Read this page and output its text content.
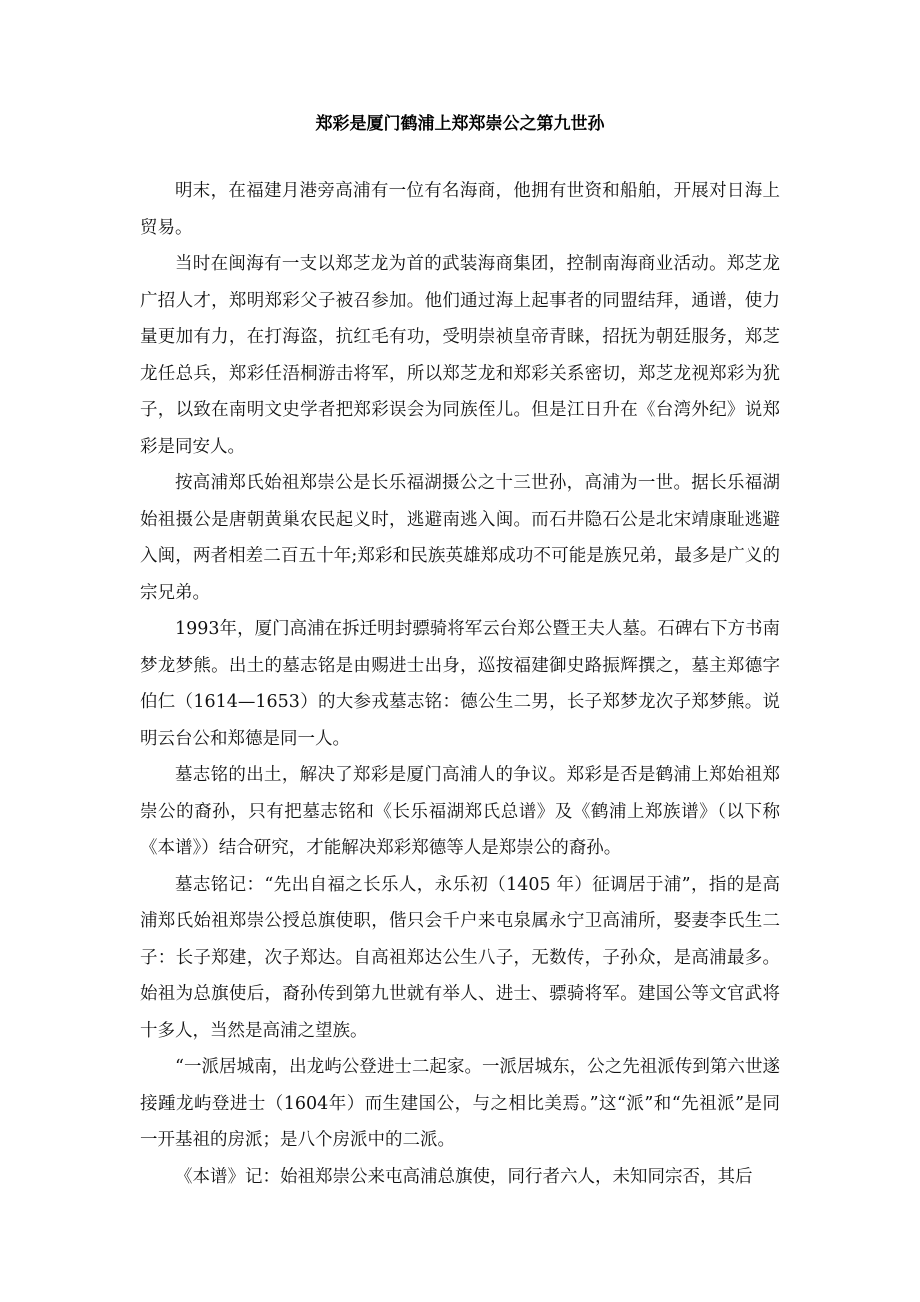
郑彩是厦门鹤浦上郑郑崇公之第九世孙

明末，在福建月港旁高浦有一位有名海商，他拥有世资和船舶，开展对日海上贸易。

当时在闽海有一支以郑芝龙为首的武装海商集团，控制南海商业活动。郑芝龙广招人才，郑明郑彩父子被召参加。他们通过海上起事者的同盟结拜，通谱，使力量更加有力，在打海盗，抗红毛有功，受明崇祯皇帝青睐，招抚为朝廷服务，郑芝龙任总兵，郑彩任浯桐游击将军，所以郑芝龙和郑彩关系密切，郑芝龙视郑彩为犹子，以致在南明文史学者把郑彩误会为同族侄儿。但是江日升在《台湾外纪》说郑彩是同安人。

按高浦郑氏始祖郑崇公是长乐福湖摄公之十三世孙，高浦为一世。据长乐福湖始祖摄公是唐朝黄巢农民起义时，逃避南逃入闽。而石井隐石公是北宋靖康耻逃避入闽，两者相差二百五十年;郑彩和民族英雄郑成功不可能是族兄弟，最多是广义的宗兄弟。

1993年，厦门高浦在拆迁明封骠骑将军云台郑公暨王夫人墓。石碑右下方书南梦龙梦熊。出土的墓志铭是由赐进士出身，巡按福建御史路振辉撰之，墓主郑德字伯仁（1614—1653）的大参戎墓志铭：德公生二男，长子郑梦龙次子郑梦熊。说明云台公和郑德是同一人。

墓志铭的出土，解决了郑彩是厦门高浦人的争议。郑彩是否是鹤浦上郑始祖郑崇公的裔孙，只有把墓志铭和《长乐福湖郑氏总谱》及《鹤浦上郑族谱》（以下称《本谱》）结合研究，才能解决郑彩郑德等人是郑崇公的裔孙。

墓志铭记：“先出自福之长乐人，永乐初（1405 年）征调居于浦”，指的是高浦郑氏始祖郑崇公授总旗使职，偕只会千户来屯泉属永宁卫高浦所，娶妻李氏生二子：长子郑建，次子郑达。自高祖郑达公生八子，无数传，子孙众，是高浦最多。始祖为总旗使后，裔孙传到第九世就有举人、进士、骠骑将军。建国公等文官武将十多人，当然是高浦之望族。

“一派居城南，出龙屿公登进士二起家。一派居城东，公之先祖派传到第六世遂接踵龙屿登进士（1604年）而生建国公，与之相比美焉。”这“派”和“先祖派”是同一开基祖的房派；是八个房派中的二派。

《本谱》记：始祖郑崇公来屯高浦总旗使，同行者六人，未知同宗否，其后
